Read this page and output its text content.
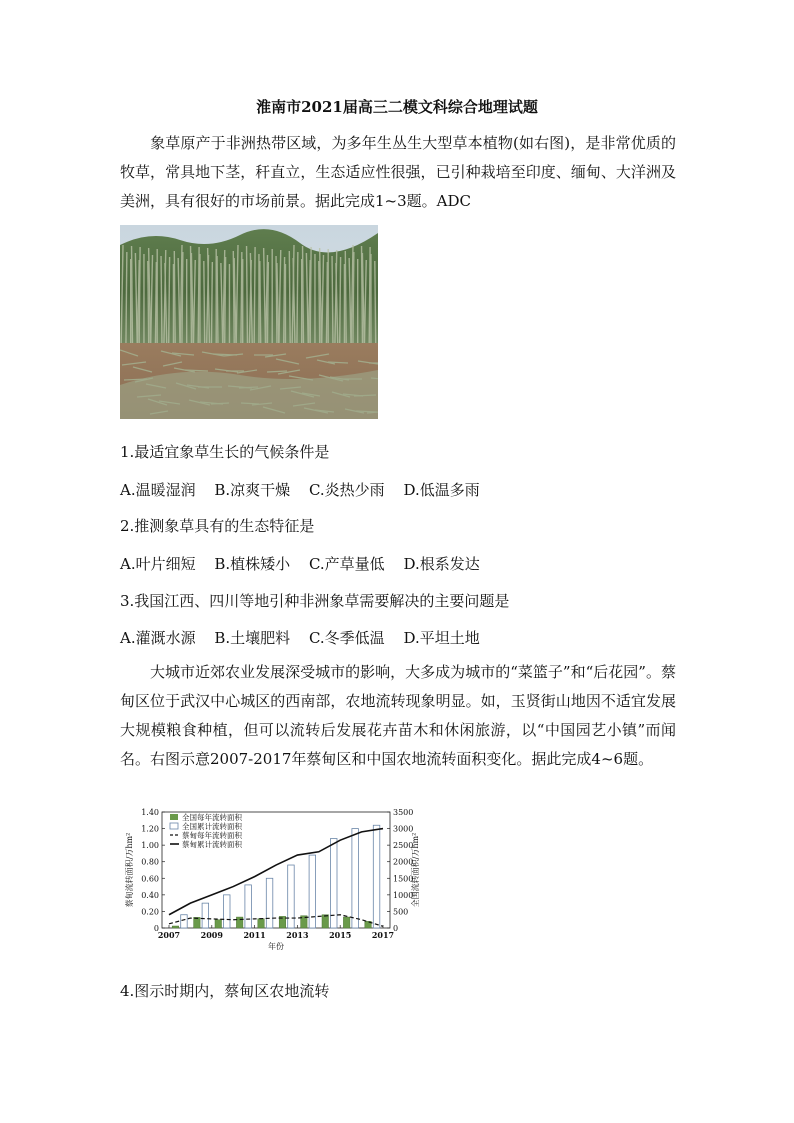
淮南市2021届高三二模文科综合地理试题

象草原产于非洲热带区域，为多年生丛生大型草本植物(如右图)，是非常优质的牧草，常具地下茎，秆直立，生态适应性很强，已引种栽培至印度、缅甸、大洋洲及美洲，具有很好的市场前景。据此完成1~3题。ADC

1.最适宜象草生长的气候条件是
A.温暖湿润 B.凉爽干燥 C.炎热少雨 D.低温多雨
2.推测象草具有的生态特征是
A.叶片细短 B.植株矮小 C.产草量低 D.根系发达
3.我国江西、四川等地引种非洲象草需要解决的主要问题是
A.灌溉水源 B.土壤肥料 C.冬季低温 D.平坦土地

大城市近郊农业发展深受城市的影响，大多成为城市的“菜篮子”和“后花园”。蔡甸区位于武汉中心城区的西南部，农地流转现象明显。如，玉贤街山地因不适宜发展大规模粮食种植，但可以流转后发展花卉苗木和休闲旅游，以“中国园艺小镇”而闻名。右图示意2007-2017年蔡甸区和中国农地流转面积变化。据此完成4~6题。

0
0.20
0.40
0.60
0.80
1.00
1.20
1.40
0
500
1000
1500
2000
2500
3000
3500
2007	2009	2011	2013	2015	2017
年份
蔡甸流转面积/万hm²	全国流转面积/万hm²
全国每年流转面积
全国累计流转面积
蔡甸每年流转面积
蔡甸累计流转面积
4.图示时期内，蔡甸区农地流转
